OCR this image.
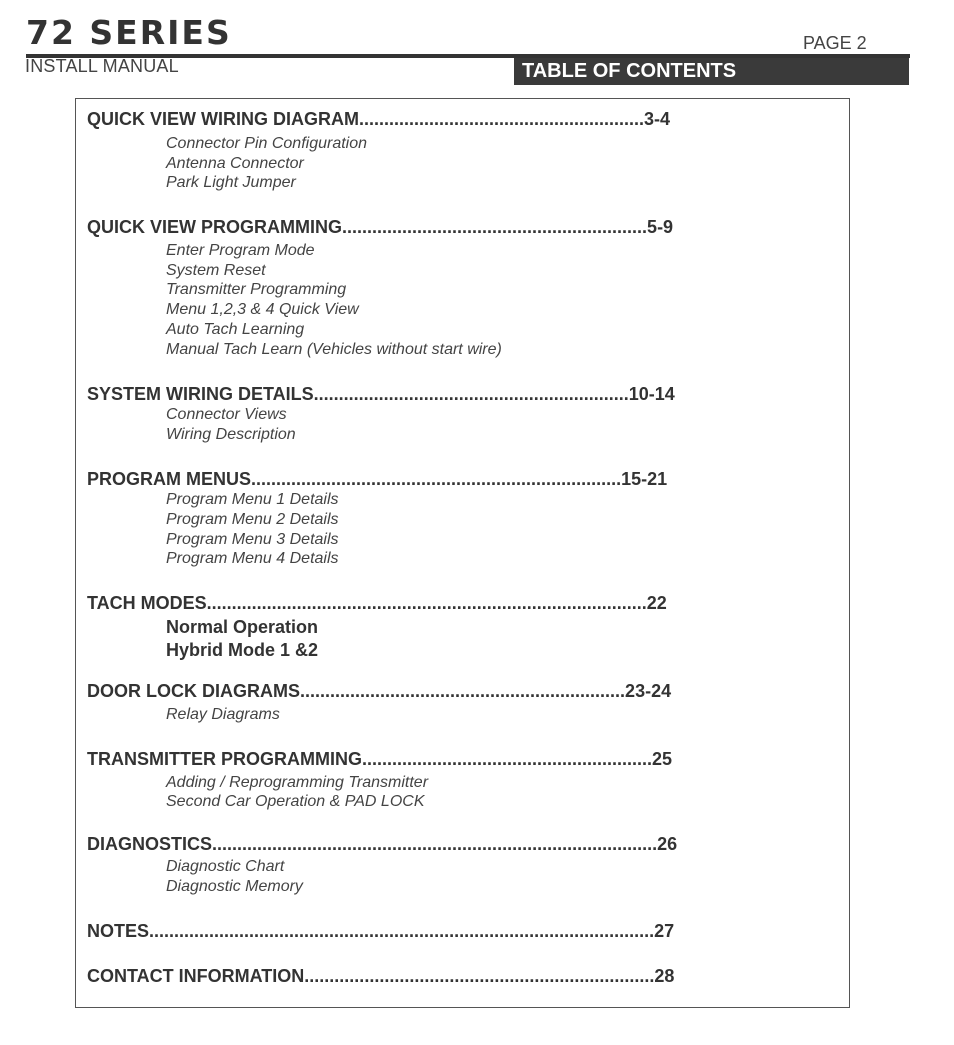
72 SERIES	PAGE 2
INSTALL MANUAL	TABLE OF CONTENTS
QUICK VIEW WIRING DIAGRAM.........................................................3-4
Connector Pin Configuration
Antenna Connector
Park Light Jumper
QUICK VIEW PROGRAMMING.............................................................5-9
Enter Program Mode
System Reset
Transmitter Programming
Menu 1,2,3 & 4 Quick View
Auto Tach Learning
Manual Tach Learn (Vehicles without start wire)
SYSTEM WIRING DETAILS...............................................................10-14
Connector Views
Wiring Description
PROGRAM MENUS..........................................................................15-21
Program Menu 1 Details
Program Menu 2 Details
Program Menu 3 Details
Program Menu 4 Details
TACH MODES........................................................................................22
Normal Operation
Hybrid Mode 1 &2
DOOR LOCK DIAGRAMS.................................................................23-24
Relay Diagrams
TRANSMITTER PROGRAMMING..........................................................25
Adding / Reprogramming Transmitter
Second Car Operation & PAD LOCK
DIAGNOSTICS.........................................................................................26
Diagnostic Chart
Diagnostic Memory
NOTES.....................................................................................................27
CONTACT INFORMATION......................................................................28
